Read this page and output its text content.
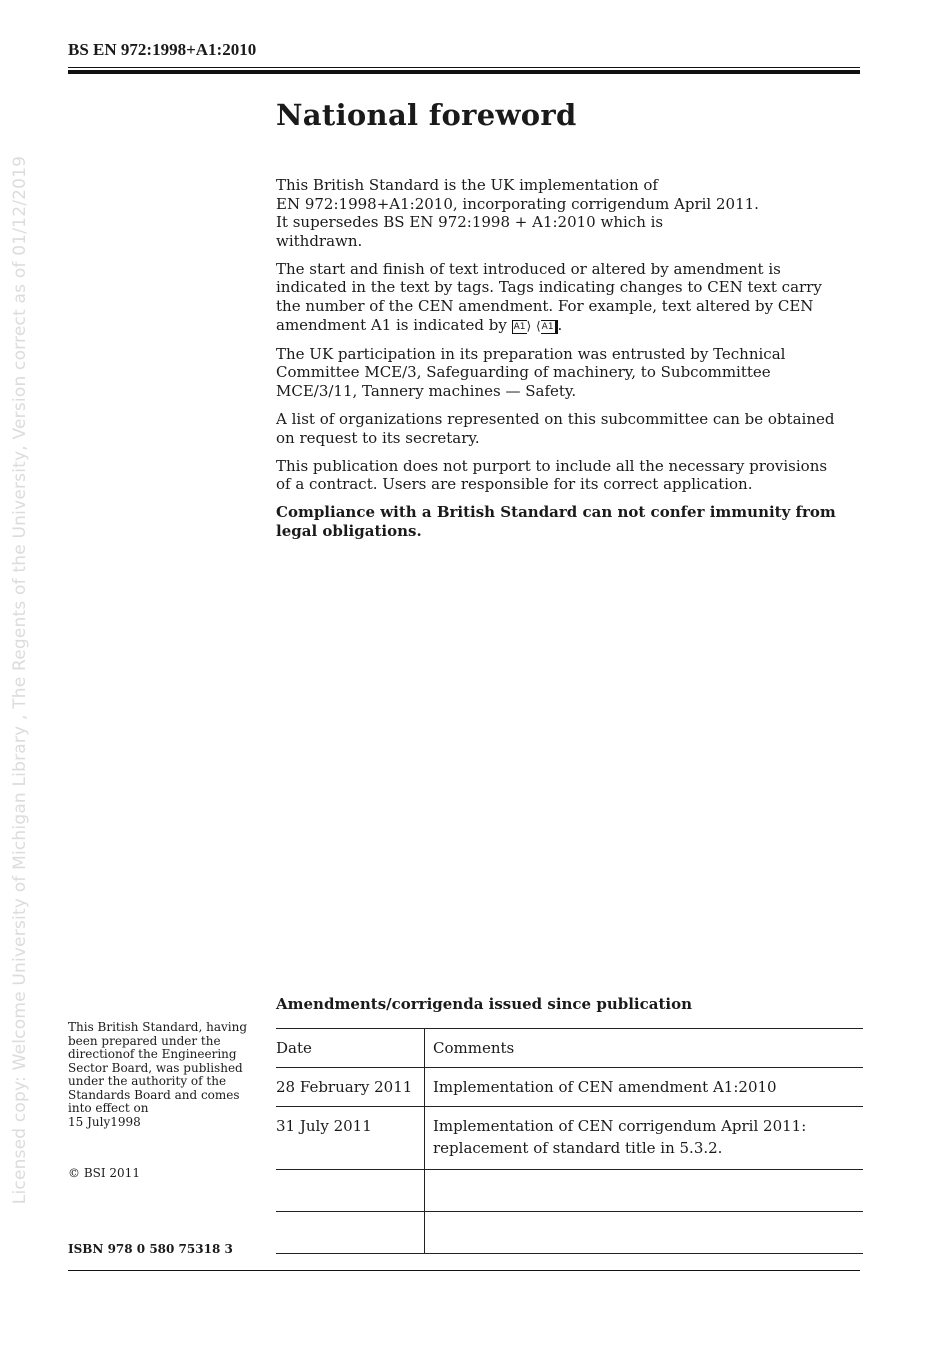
BS EN 972:1998+A1:2010
Licensed copy: Welcome University of Michigan Library , The Regents of the University, Version correct as of 01/12/2019
National foreword

This British Standard is the UK implementation of
EN 972:1998+A1:2010, incorporating corrigendum April 2011.
It supersedes BS EN 972:1998 + A1:2010 which is
withdrawn.

The start and finish of text introduced or altered by amendment is indicated in the text by tags. Tags indicating changes to CEN text carry the number of the CEN amendment. For example, text altered by CEN amendment A1 is indicated by A1⟩ ⟨A1 .

The UK participation in its preparation was entrusted by Technical Committee MCE/3, Safeguarding of machinery, to Subcommittee MCE/3/11, Tannery machines — Safety.

A list of organizations represented on this subcommittee can be obtained on request to its secretary.

This publication does not purport to include all the necessary provisions of a contract. Users are responsible for its correct application.

Compliance with a British Standard can not confer immunity from legal obligations.

Amendments/corrigenda issued since publication
Date	Comments
28 February 2011	Implementation of CEN amendment A1:2010
31 July 2011	Implementation of CEN corrigendum April 2011:
replacement of standard title in 5.3.2.

This British Standard, having
been prepared under the
directionof the Engineering
Sector Board, was published
under the authority of the
Standards Board and comes
into effect on
15 July1998
© BSI 2011
ISBN 978 0 580 75318 3
